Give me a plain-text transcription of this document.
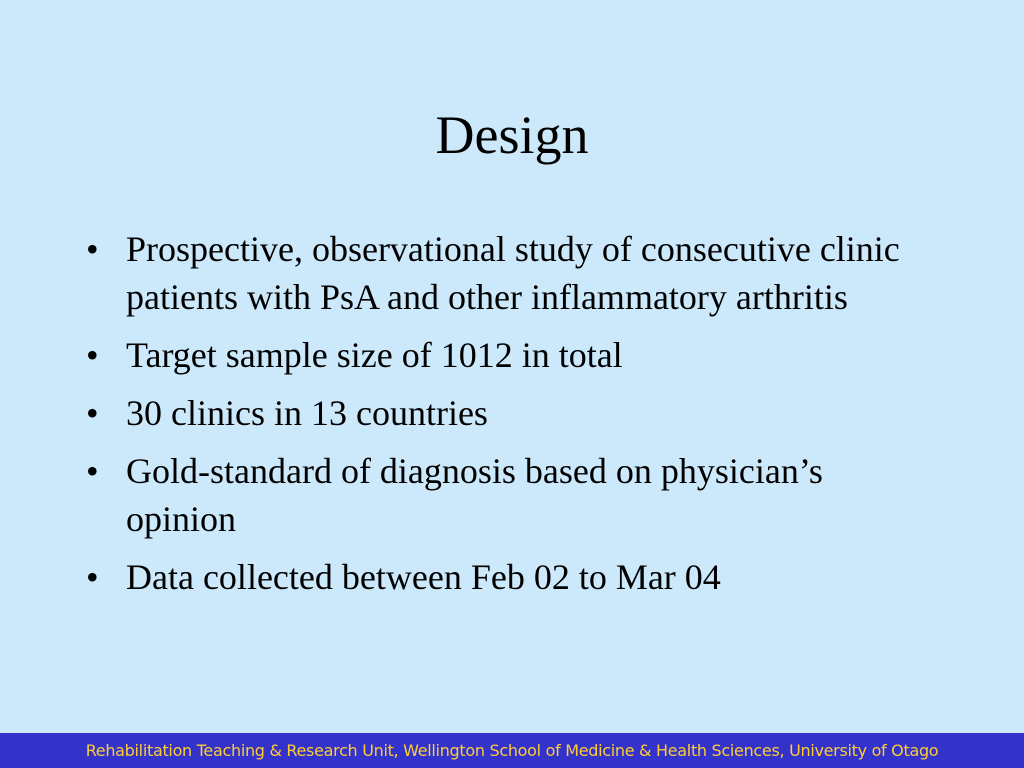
Design
• Prospective, observational study of consecutive clinic patients with PsA and other inflammatory arthritis
• Target sample size of 1012 in total
• 30 clinics in 13 countries
• Gold-standard of diagnosis based on physician’s opinion
• Data collected between Feb 02 to Mar 04
Rehabilitation Teaching & Research Unit, Wellington School of Medicine & Health Sciences, University of Otago
